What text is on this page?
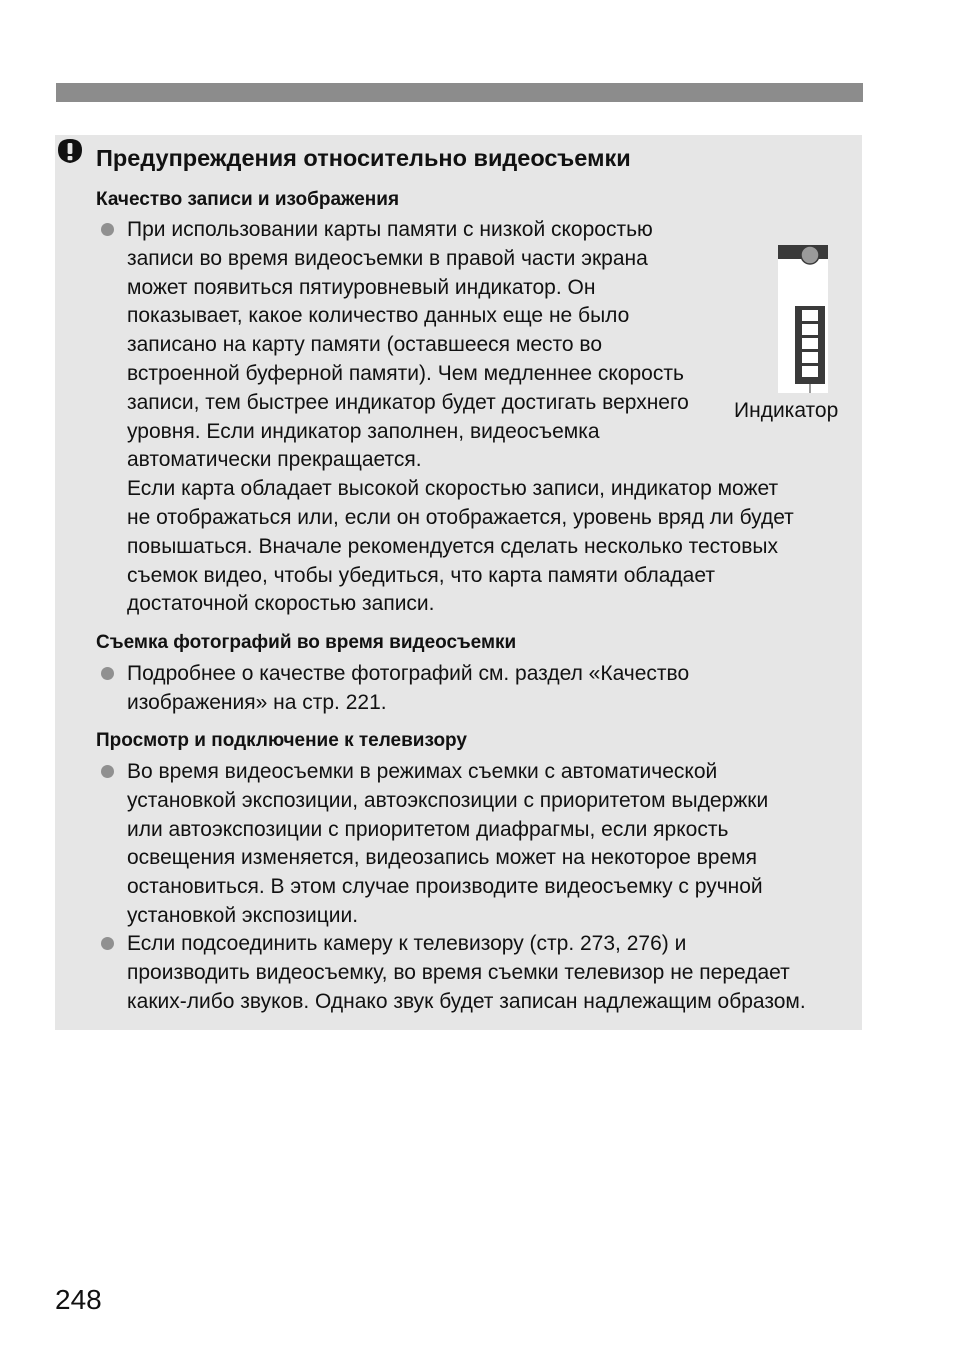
Предупреждения относительно видеосъемки
Качество записи и изображения
При использовании карты памяти с низкой скоростью
записи во время видеосъемки в правой части экрана
может появиться пятиуровневый индикатор. Он
показывает, какое количество данных еще не было
записано на карту памяти (оставшееся место во
встроенной буферной памяти). Чем медленнее скорость
записи, тем быстрее индикатор будет достигать верхнего
уровня. Если индикатор заполнен, видеосъемка
автоматически прекращается.
Если карта обладает высокой скоростью записи, индикатор может
не отображаться или, если он отображается, уровень вряд ли будет
повышаться. Вначале рекомендуется сделать несколько тестовых
съемок видео, чтобы убедиться, что карта памяти обладает
достаточной скоростью записи.
Индикатор
Съемка фотографий во время видеосъемки
Подробнее о качестве фотографий см. раздел «Качество
изображения» на стр. 221.
Просмотр и подключение к телевизору
Во время видеосъемки в режимах съемки с автоматической
установкой экспозиции, автоэкспозиции с приоритетом выдержки
или автоэкспозиции с приоритетом диафрагмы, если яркость
освещения изменяется, видеозапись может на некоторое время
остановиться. В этом случае производите видеосъемку с ручной
установкой экспозиции.
Если подсоединить камеру к телевизору (стр. 273, 276) и
производить видеосъемку, во время съемки телевизор не передает
каких-либо звуков. Однако звук будет записан надлежащим образом.
248
